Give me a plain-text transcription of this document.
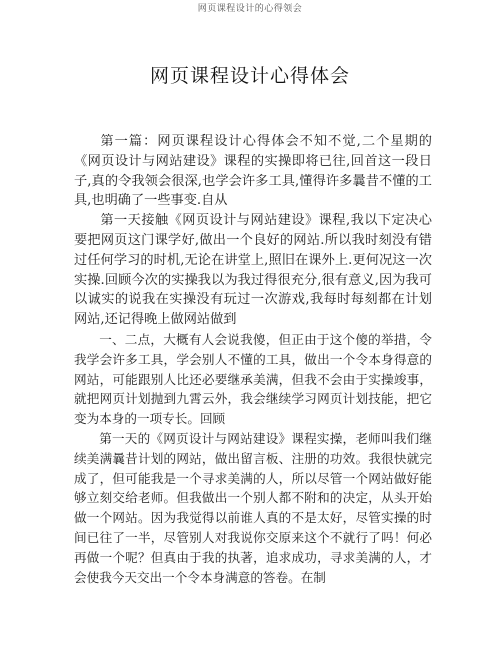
网页课程设计的心得领会
网页课程设计心得体会

第一篇：网页课程设计心得体会不知不觉,二个星期的《网页设计与网站建设》课程的实操即将已往,回首这一段日子,真的令我领会很深,也学会许多工具,懂得许多曩昔不懂的工具,也明确了一些事变.自从

第一天接触《网页设计与网站建设》课程,我以下定决心要把网页这门课学好,做出一个良好的网站.所以我时刻没有错过任何学习的时机,无论在讲堂上,照旧在课外上.更何况这一次实操.回顾今次的实操我以为我过得很充分,很有意义,因为我可以诚实的说我在实操没有玩过一次游戏,我每时每刻都在计划网站,还记得晚上做网站做到

一、二点，大概有人会说我傻，但正由于这个傻的举措，令我学会许多工具，学会别人不懂的工具，做出一个令本身得意的网站，可能跟别人比还必要继承美满，但我不会由于实操竣事，就把网页计划抛到九霄云外，我会继续学习网页计划技能，把它变为本身的一项专长。回顾

第一天的《网页设计与网站建设》课程实操，老师叫我们继续美满曩昔计划的网站，做出留言板、注册的功效。我很快就完成了，但可能我是一个寻求美满的人，所以尽管一个网站做好能够立刻交给老师。但我做出一个别人都不附和的决定，从头开始做一个网站。因为我觉得以前谁人真的不是太好，尽管实操的时间已往了一半，尽管别人对我说你交原来这个不就行了吗！何必再做一个呢？但真由于我的执著，追求成功，寻求美满的人，才会使我今天交出一个令本身满意的答卷。在制
